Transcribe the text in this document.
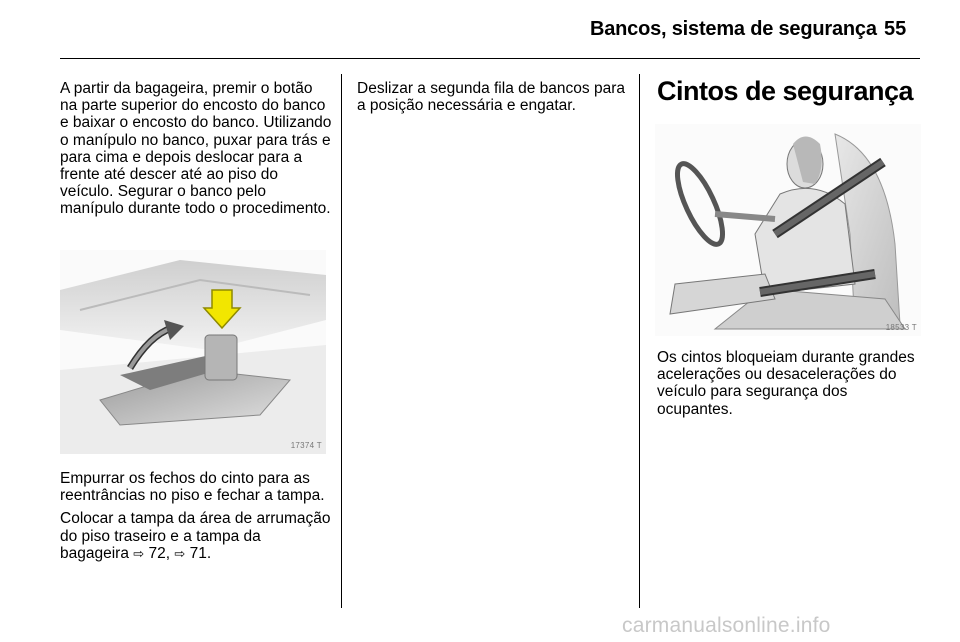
Bancos, sistema de segurança 55

A partir da bagageira, premir o botão na parte superior do encosto do banco e baixar o encosto do banco. Utilizando o manípulo no banco, puxar para trás e para cima e depois deslocar para a frente até descer até ao piso do veículo. Segurar o banco pelo manípulo durante todo o procedimento.

17374 T

Empurrar os fechos do cinto para as reentrâncias no piso e fechar a tampa.

Colocar a tampa da área de arrumação do piso traseiro e a tampa da bagageira ⇨ 72, ⇨ 71.

Deslizar a segunda fila de bancos para a posição necessária e engatar.	Cintos de segurança
18533 T

Os cintos bloqueiam durante grandes acelerações ou desacelerações do veículo para segurança dos ocupantes.

carmanualsonline.info
